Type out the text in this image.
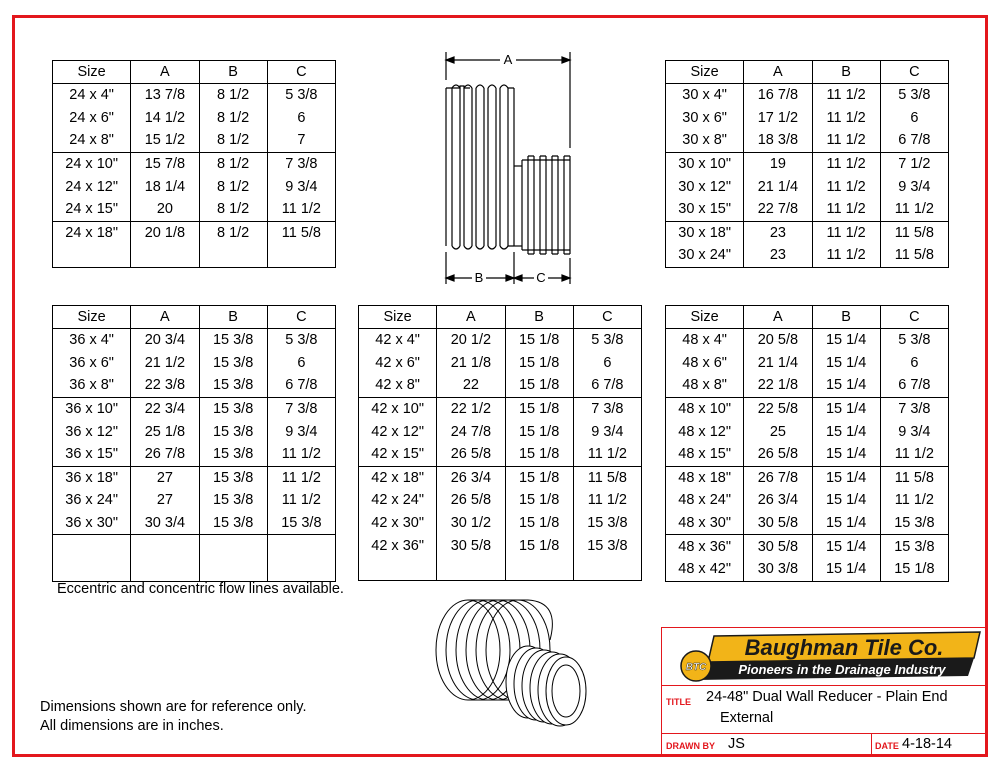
Size	A	B	C
24 x 4"	13 7/8	8 1/2	5 3/8
24 x 6"	14 1/2	8 1/2	6
24 x 8"	15 1/2	8 1/2	7
24 x 10"	15 7/8	8 1/2	7 3/8
24 x 12"	18 1/4	8 1/2	9 3/4
24 x 15"	20	8 1/2	11 1/2
24 x 18"	20 1/8	8 1/2	11 5/8

Size	A	B	C
30 x 4"	16 7/8	11 1/2	5 3/8
30 x 6"	17 1/2	11 1/2	6
30 x 8"	18 3/8	11 1/2	6 7/8
30 x 10"	19	11 1/2	7 1/2
30 x 12"	21 1/4	11 1/2	9 3/4
30 x 15"	22 7/8	11 1/2	11 1/2
30 x 18"	23	11 1/2	11 5/8
30 x 24"	23	11 1/2	11 5/8
Size	A	B	C
36 x 4"	20 3/4	15 3/8	5 3/8
36 x 6"	21 1/2	15 3/8	6
36 x 8"	22 3/8	15 3/8	6 7/8
36 x 10"	22 3/4	15 3/8	7 3/8
36 x 12"	25 1/8	15 3/8	9 3/4
36 x 15"	26 7/8	15 3/8	11 1/2
36 x 18"	27	15 3/8	11 1/2
36 x 24"	27	15 3/8	11 1/2
36 x 30"	30 3/4	15 3/8	15 3/8

Size	A	B	C
42 x 4"	20 1/2	15 1/8	5 3/8
42 x 6"	21 1/8	15 1/8	6
42 x 8"	22	15 1/8	6 7/8
42 x 10"	22 1/2	15 1/8	7 3/8
42 x 12"	24 7/8	15 1/8	9 3/4
42 x 15"	26 5/8	15 1/8	11 1/2
42 x 18"	26 3/4	15 1/8	11 5/8
42 x 24"	26 5/8	15 1/8	11 1/2
42 x 30"	30 1/2	15 1/8	15 3/8
42 x 36"	30 5/8	15 1/8	15 3/8

Size	A	B	C
48 x 4"	20 5/8	15 1/4	5 3/8
48 x 6"	21 1/4	15 1/4	6
48 x 8"	22 1/8	15 1/4	6 7/8
48 x 10"	22 5/8	15 1/4	7 3/8
48 x 12"	25	15 1/4	9 3/4
48 x 15"	26 5/8	15 1/4	11 1/2
48 x 18"	26 7/8	15 1/4	11 5/8
48 x 24"	26 3/4	15 1/4	11 1/2
48 x 30"	30 5/8	15 1/4	15 3/8
48 x 36"	30 5/8	15 1/4	15 3/8
48 x 42"	30 3/8	15 1/4	15 1/8
A
B	C
Eccentric and concentric flow lines available.
Dimensions shown are for reference only.
All dimensions are in inches.
Baughman Tile Co.
Pioneers in the Drainage Industry
BTC
TITLE 24-48" Dual Wall Reducer - Plain End
External
DRAWN BY JS	DATE 4-18-14
